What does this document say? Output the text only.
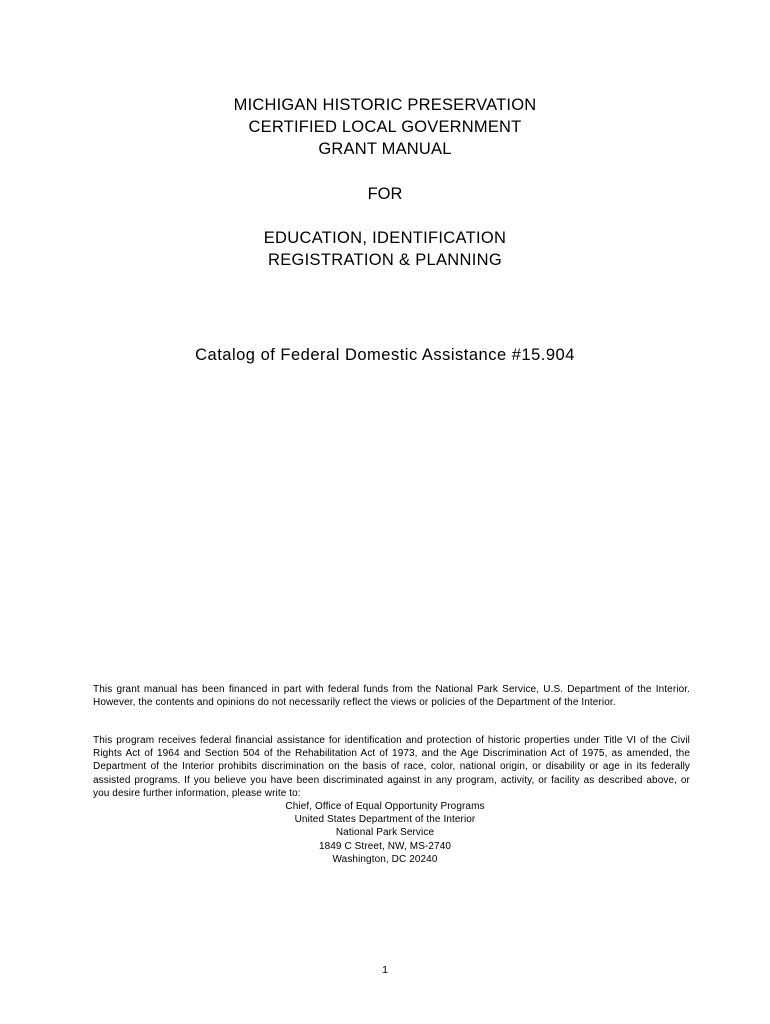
MICHIGAN HISTORIC PRESERVATION
CERTIFIED LOCAL GOVERNMENT
GRANT MANUAL
FOR
EDUCATION, IDENTIFICATION
REGISTRATION & PLANNING
Catalog of Federal Domestic Assistance #15.904

This grant manual has been financed in part with federal funds from the National Park Service, U.S. Department of the Interior. However, the contents and opinions do not necessarily reflect the views or policies of the Department of the Interior.

This program receives federal financial assistance for identification and protection of historic properties under Title VI of the Civil Rights Act of 1964 and Section 504 of the Rehabilitation Act of 1973, and the Age Discrimination Act of 1975, as amended, the Department of the Interior prohibits discrimination on the basis of race, color, national origin, or disability or age in its federally assisted programs. If you believe you have been discriminated against in any program, activity, or facility as described above, or you desire further information, please write to:

Chief, Office of Equal Opportunity Programs
United States Department of the Interior
National Park Service
1849 C Street, NW, MS-2740
Washington, DC 20240
1
